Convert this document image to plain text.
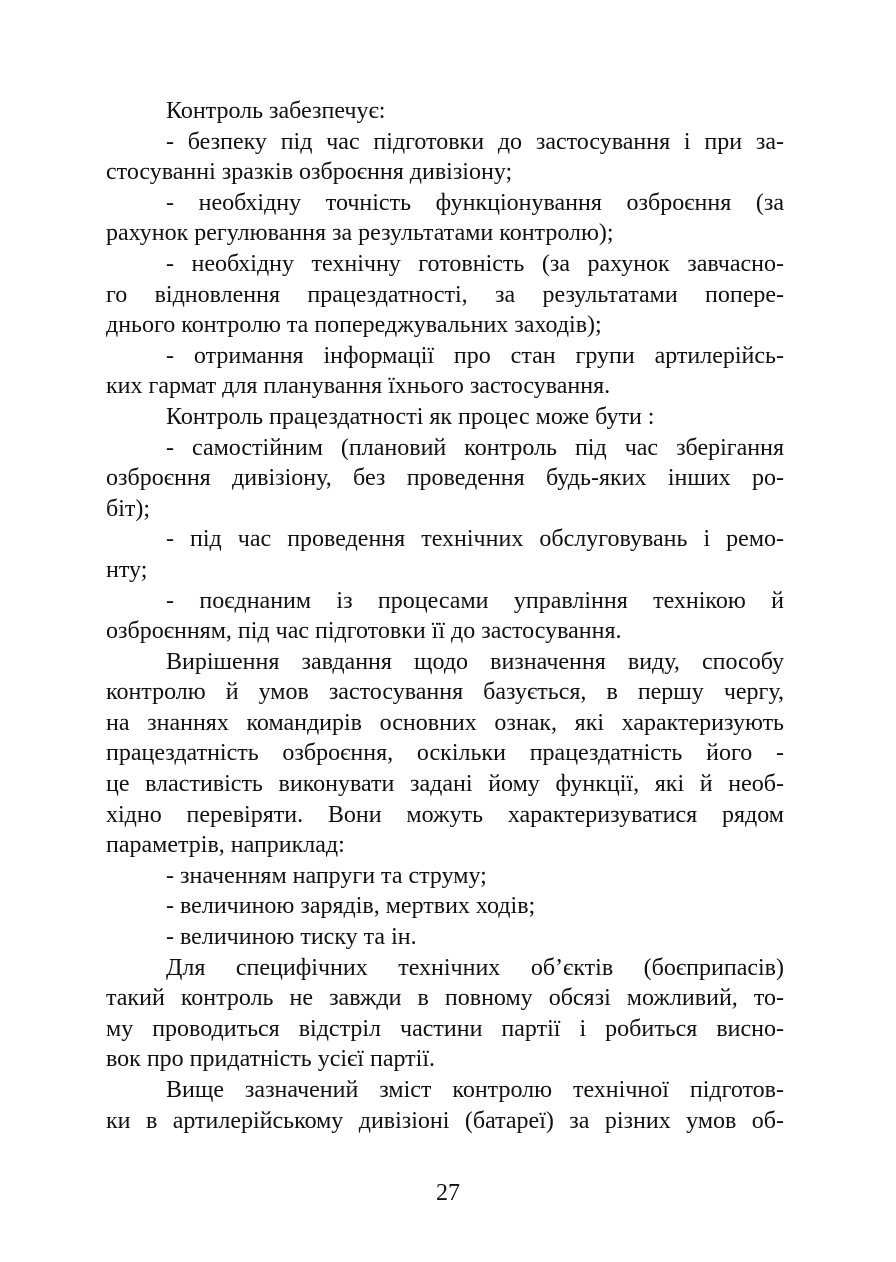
Контроль забезпечує:
- безпеку під час підготовки до застосування і при за-
стосуванні зразків озброєння дивізіону;
- необхідну точність функціонування озброєння (за
рахунок регулювання за результатами контролю);
- необхідну технічну готовність (за рахунок завчасно-
го відновлення працездатності, за результатами попере-
днього контролю та попереджувальних заходів);
- отримання інформації про стан групи артилерійсь-
ких гармат для планування їхнього застосування.
Контроль працездатності як процес може бути :
- самостійним (плановий контроль під час зберігання
озброєння дивізіону, без проведення будь-яких інших ро-
біт);
- під час проведення технічних обслуговувань і ремо-
нту;
- поєднаним із процесами управління технікою й
озброєнням, під час підготовки її до застосування.
Вирішення завдання щодо визначення виду, способу
контролю й умов застосування базується, в першу чергу,
на знаннях командирів основних ознак, які характеризують
працездатність озброєння, оскільки працездатність його -
це властивість виконувати задані йому функції, які й необ-
хідно перевіряти. Вони можуть характеризуватися рядом
параметрів, наприклад:
- значенням напруги та струму;
- величиною зарядів, мертвих ходів;
- величиною тиску та ін.
Для специфічних технічних об’єктів (боєприпасів)
такий контроль не завжди в повному обсязі можливий, то-
му проводиться відстріл частини партії і робиться висно-
вок про придатність усієї партії.
Вище зазначений зміст контролю технічної підготов-
ки в артилерійському дивізіоні (батареї) за різних умов об-
27
